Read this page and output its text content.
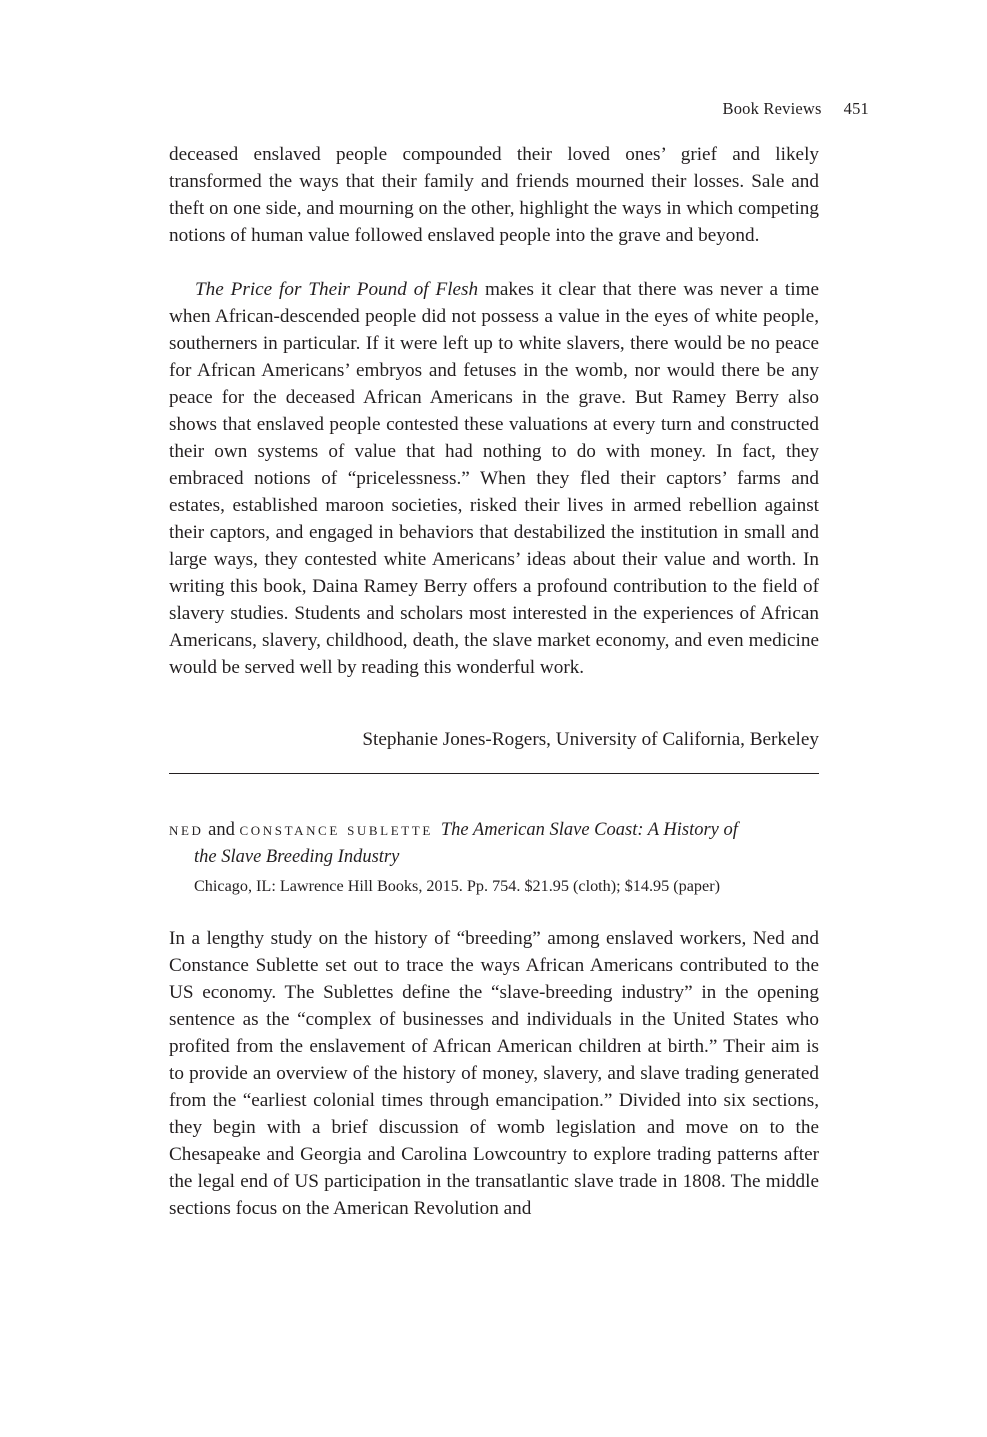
Book Reviews 451

deceased enslaved people compounded their loved ones’ grief and likely transformed the ways that their family and friends mourned their losses. Sale and theft on one side, and mourning on the other, highlight the ways in which competing notions of human value followed enslaved people into the grave and beyond.

The Price for Their Pound of Flesh makes it clear that there was never a time when African-descended people did not possess a value in the eyes of white people, southerners in particular. If it were left up to white slavers, there would be no peace for African Americans’ embryos and fetuses in the womb, nor would there be any peace for the deceased African Americans in the grave. But Ramey Berry also shows that enslaved people contested these valuations at every turn and constructed their own systems of value that had nothing to do with money. In fact, they embraced notions of “pricelessness.” When they fled their captors’ farms and estates, established maroon societies, risked their lives in armed rebellion against their captors, and engaged in behaviors that destabilized the institution in small and large ways, they contested white Americans’ ideas about their value and worth. In writing this book, Daina Ramey Berry offers a profound contribution to the field of slavery studies. Students and scholars most interested in the experiences of African Americans, slavery, childhood, death, the slave market economy, and even medicine would be served well by reading this wonderful work.

Stephanie Jones-Rogers, University of California, Berkeley
ned and constance sublette The American Slave Coast: A History of
the Slave Breeding Industry
Chicago, IL: Lawrence Hill Books, 2015. Pp. 754. $21.95 (cloth); $14.95 (paper)

In a lengthy study on the history of “breeding” among enslaved workers, Ned and Constance Sublette set out to trace the ways African Americans contributed to the US economy. The Sublettes define the “slave-breeding industry” in the opening sentence as the “complex of businesses and individuals in the United States who profited from the enslavement of African American children at birth.” Their aim is to provide an overview of the history of money, slavery, and slave trading generated from the “earliest colonial times through emancipation.” Divided into six sections, they begin with a brief discussion of womb legislation and move on to the Chesapeake and Georgia and Carolina Lowcountry to explore trading patterns after the legal end of US participation in the transatlantic slave trade in 1808. The middle sections focus on the American Revolution and
